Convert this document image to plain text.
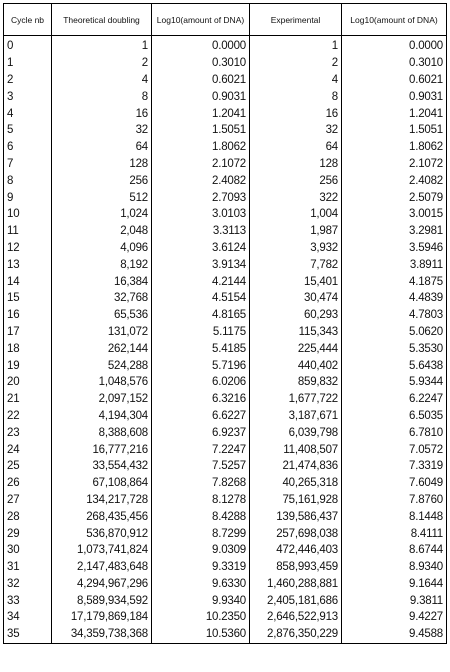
Cycle nb	Theoretical doubling	Log10(amount of DNA)	Experimental	Log10(amount of DNA)
0	1	0.0000	1	0.0000
1	2	0.3010	2	0.3010
2	4	0.6021	4	0.6021
3	8	0.9031	8	0.9031
4	16	1.2041	16	1.2041
5	32	1.5051	32	1.5051
6	64	1.8062	64	1.8062
7	128	2.1072	128	2.1072
8	256	2.4082	256	2.4082
9	512	2.7093	322	2.5079
10	1,024	3.0103	1,004	3.0015
11	2,048	3.3113	1,987	3.2981
12	4,096	3.6124	3,932	3.5946
13	8,192	3.9134	7,782	3.8911
14	16,384	4.2144	15,401	4.1875
15	32,768	4.5154	30,474	4.4839
16	65,536	4.8165	60,293	4.7803
17	131,072	5.1175	115,343	5.0620
18	262,144	5.4185	225,444	5.3530
19	524,288	5.7196	440,402	5.6438
20	1,048,576	6.0206	859,832	5.9344
21	2,097,152	6.3216	1,677,722	6.2247
22	4,194,304	6.6227	3,187,671	6.5035
23	8,388,608	6.9237	6,039,798	6.7810
24	16,777,216	7.2247	11,408,507	7.0572
25	33,554,432	7.5257	21,474,836	7.3319
26	67,108,864	7.8268	40,265,318	7.6049
27	134,217,728	8.1278	75,161,928	7.8760
28	268,435,456	8.4288	139,586,437	8.1448
29	536,870,912	8.7299	257,698,038	8.4111
30	1,073,741,824	9.0309	472,446,403	8.6744
31	2,147,483,648	9.3319	858,993,459	8.9340
32	4,294,967,296	9.6330	1,460,288,881	9.1644
33	8,589,934,592	9.9340	2,405,181,686	9.3811
34	17,179,869,184	10.2350	2,646,522,913	9.4227
35	34,359,738,368	10.5360	2,876,350,229	9.4588
